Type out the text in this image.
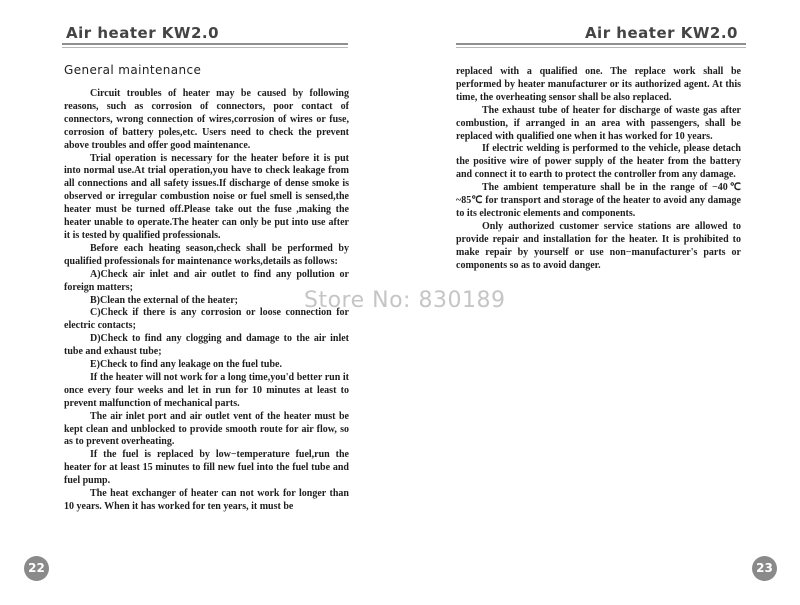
Air heater KW2.0
General maintenance

Circuit troubles of heater may be caused by following reasons, such as corrosion of connectors, poor contact of connectors, wrong connection of wires,corrosion of wires or fuse, corrosion of battery poles,etc. Users need to check the prevent above troubles and offer good maintenance.

Trial operation is necessary for the heater before it is put into normal use.At trial operation,you have to check leakage from all connections and all safety issues.If discharge of dense smoke is observed or irregular combustion noise or fuel smell is sensed,the heater must be turned off.Please take out the fuse ,making the heater unable to operate.The heater can only be put into use after it is tested by qualified professionals.

Before each heating season,check shall be performed by qualified professionals for maintenance works,details as follows:

A)Check air inlet and air outlet to find any pollution or foreign matters;

B)Clean the external of the heater;

C)Check if there is any corrosion or loose connection for electric contacts;

D)Check to find any clogging and damage to the air inlet tube and exhaust tube;

E)Check to find any leakage on the fuel tube.

If the heater will not work for a long time,you'd better run it once every four weeks and let in run for 10 minutes at least to prevent malfunction of mechanical parts.

The air inlet port and air outlet vent of the heater must be kept clean and unblocked to provide smooth route for air flow, so as to prevent overheating.

If the fuel is replaced by low−temperature fuel,run the heater for at least 15 minutes to fill new fuel into the fuel tube and fuel pump.

The heat exchanger of heater can not work for longer than 10 years. When it has worked for ten years, it must be

22
Air heater KW2.0

replaced with a qualified one. The replace work shall be performed by heater manufacturer or its authorized agent. At this time, the overheating sensor shall be also replaced.

The exhaust tube of heater for discharge of waste gas after combustion, if arranged in an area with passengers, shall be replaced with qualified one when it has worked for 10 years.

If electric welding is performed to the vehicle, please detach the positive wire of power supply of the heater from the battery and connect it to earth to protect the controller from any damage.

The ambient temperature shall be in the range of −40℃ ~85℃ for transport and storage of the heater to avoid any damage to its electronic elements and components.

Only authorized customer service stations are allowed to provide repair and installation for the heater. It is prohibited to make repair by yourself or use non−manufacturer's parts or components so as to avoid danger.

23
Store No: 830189
